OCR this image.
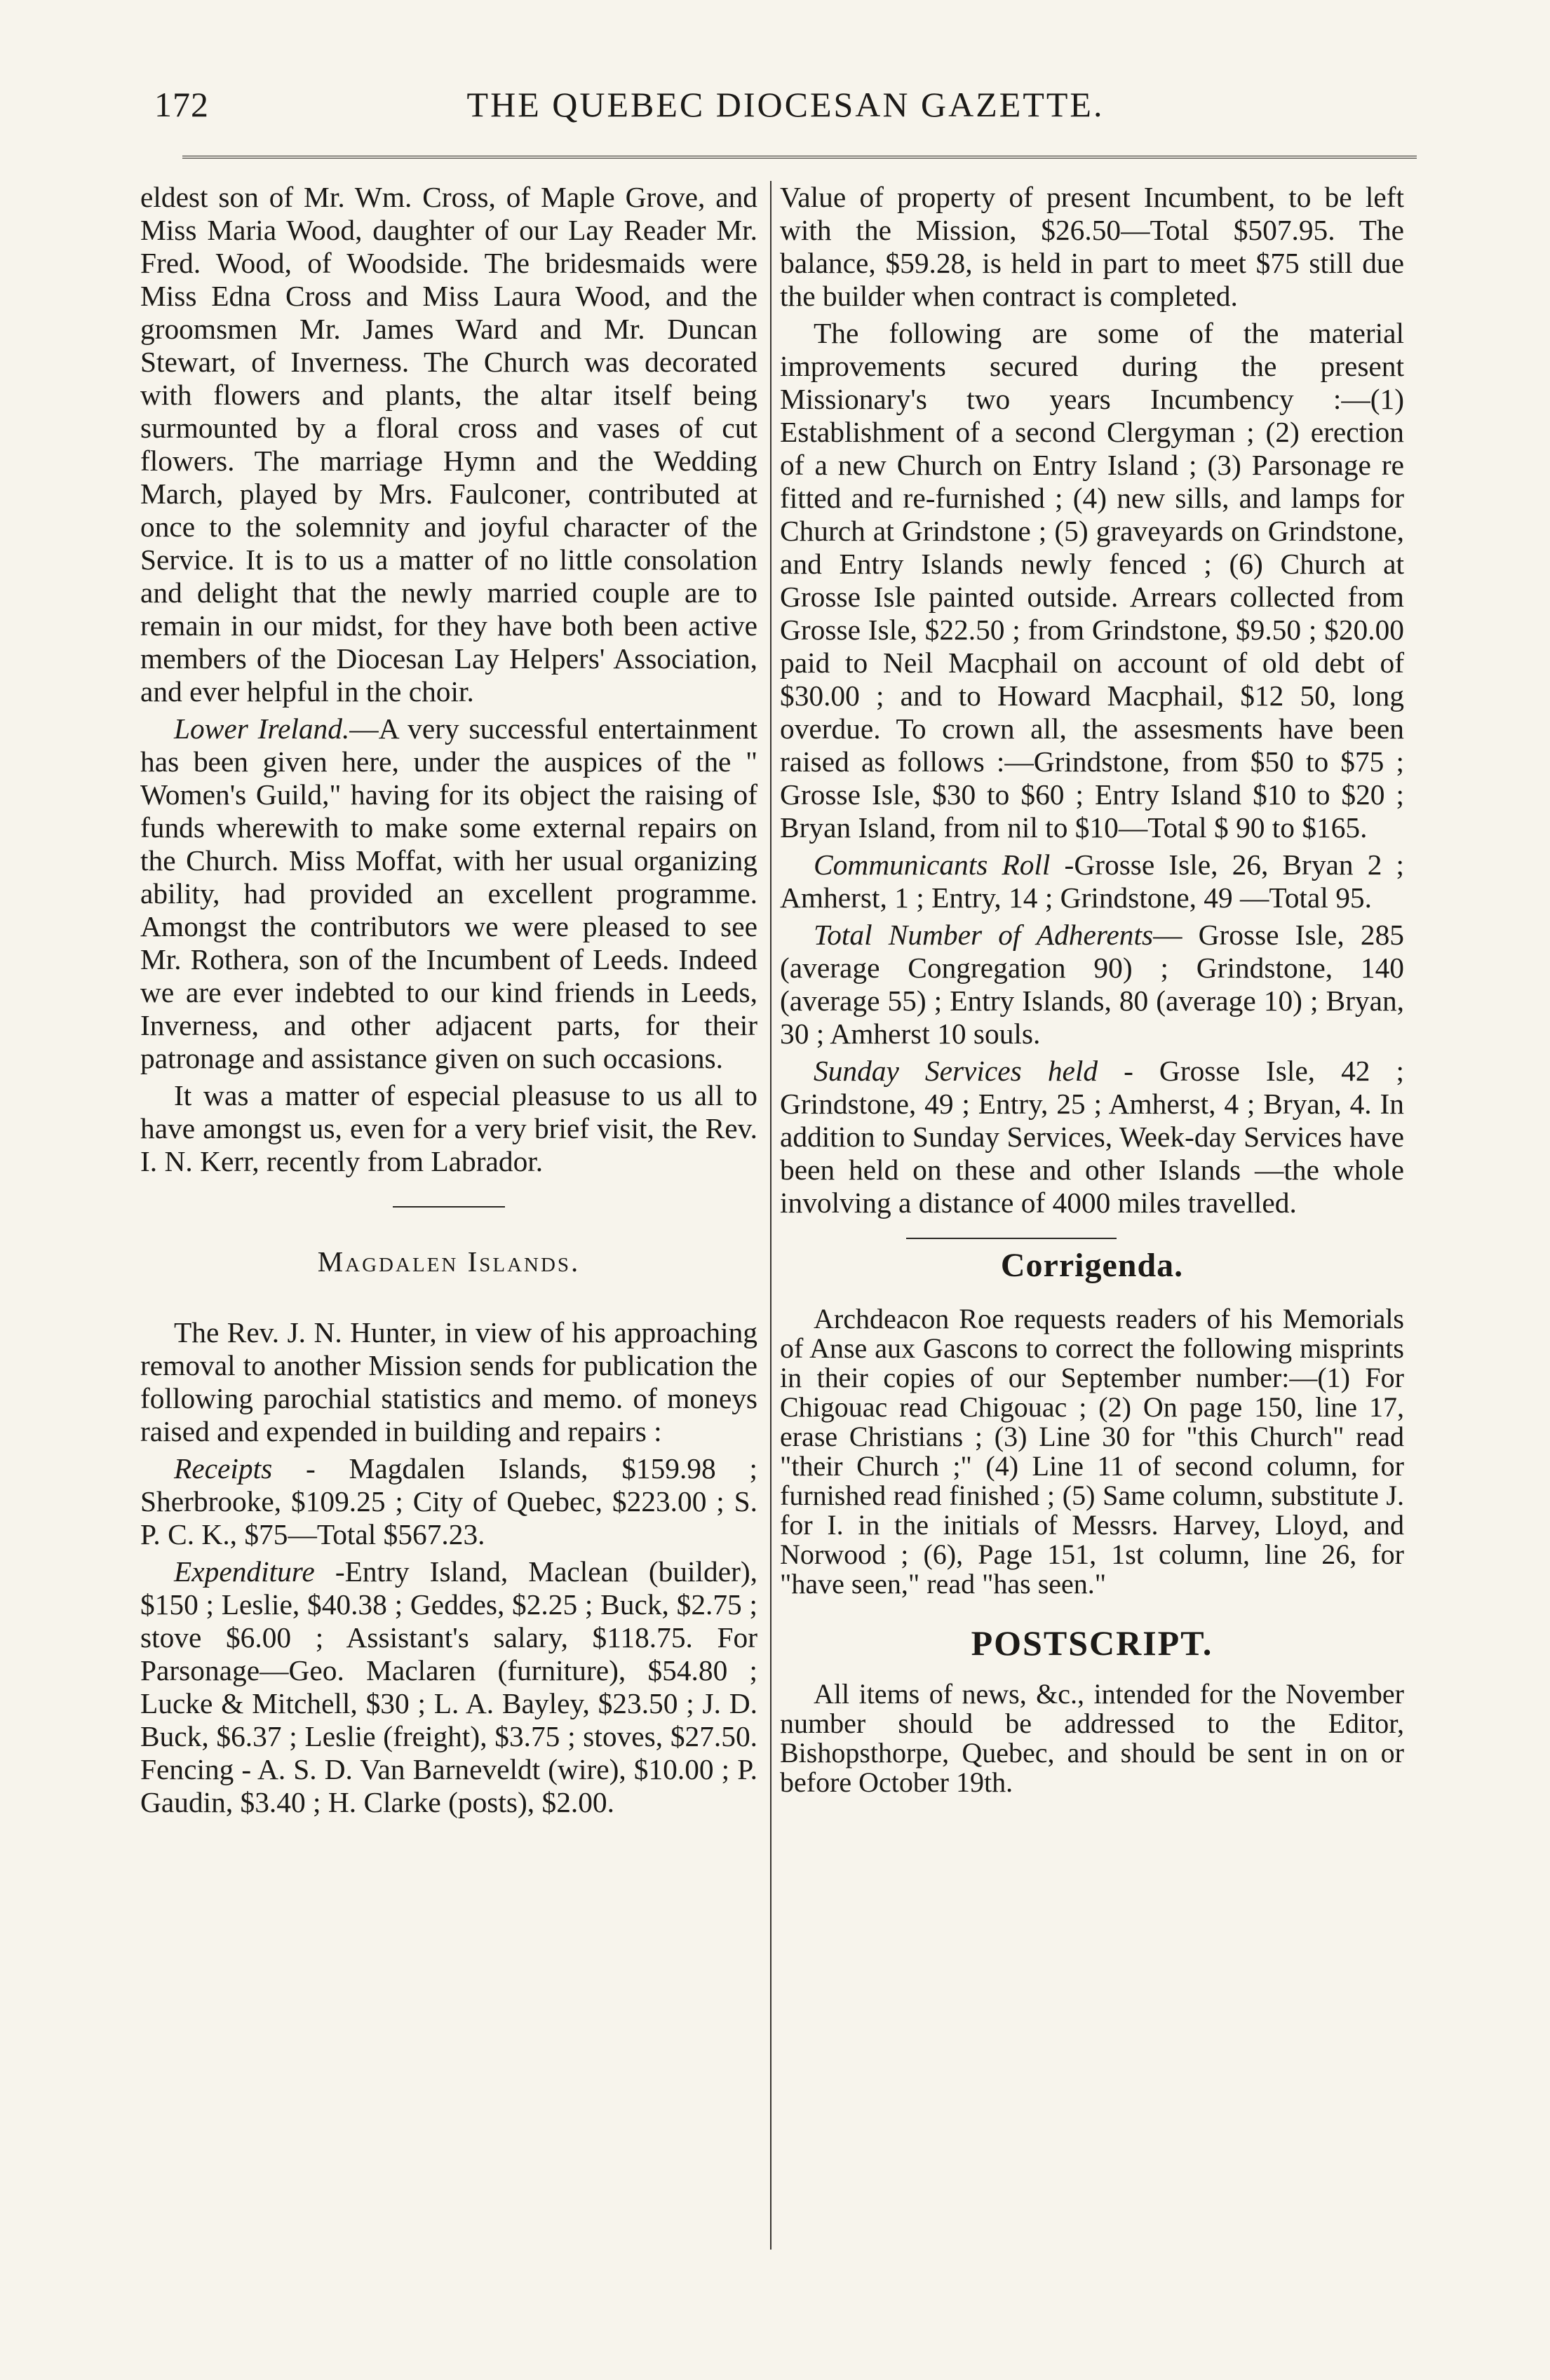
172	THE QUEBEC DIOCESAN GAZETTE.

eldest son of Mr. Wm. Cross, of Maple Grove, and Miss Maria Wood, daughter of our Lay Reader Mr. Fred. Wood, of Woodside. The bridesmaids were Miss Edna Cross and Miss Laura Wood, and the groomsmen Mr. James Ward and Mr. Duncan Stewart, of Inverness. The Church was decorated with flowers and plants, the altar itself being surmounted by a floral cross and vases of cut flowers. The marriage Hymn and the Wedding March, played by Mrs. Faulconer, contributed at once to the solemnity and joyful character of the Service. It is to us a matter of no little consolation and delight that the newly married couple are to remain in our midst, for they have both been active members of the Diocesan Lay Helpers' Association, and ever helpful in the choir.

Lower Ireland.—A very successful entertainment has been given here, under the auspices of the " Women's Guild," having for its object the raising of funds wherewith to make some external repairs on the Church. Miss Moffat, with her usual organizing ability, had provided an excellent programme. Amongst the contributors we were pleased to see Mr. Rothera, son of the Incumbent of Leeds. Indeed we are ever indebted to our kind friends in Leeds, Inverness, and other adjacent parts, for their patronage and assistance given on such occasions.

It was a matter of especial pleasuse to us all to have amongst us, even for a very brief visit, the Rev. I. N. Kerr, recently from Labrador.

Magdalen Islands.

The Rev. J. N. Hunter, in view of his approaching removal to another Mission sends for publication the following parochial statistics and memo. of moneys raised and expended in building and repairs :

Receipts - Magdalen Islands, $159.98 ; Sherbrooke, $109.25 ; City of Quebec, $223.00 ; S. P. C. K., $75—Total $567.23.

Expenditure -Entry Island, Maclean (builder), $150 ; Leslie, $40.38 ; Geddes, $2.25 ; Buck, $2.75 ; stove $6.00 ; Assistant's salary, $118.75. For Parsonage—Geo. Maclaren (furniture), $54.80 ; Lucke & Mitchell, $30 ; L. A. Bayley, $23.50 ; J. D. Buck, $6.37 ; Leslie (freight), $3.75 ; stoves, $27.50. Fencing - A. S. D. Van Barneveldt (wire), $10.00 ; P. Gaudin, $3.40 ; H. Clarke (posts), $2.00.

Value of property of present Incumbent, to be left with the Mission, $26.50—Total $507.95. The balance, $59.28, is held in part to meet $75 still due the builder when contract is completed.

The following are some of the material improvements secured during the present Missionary's two years Incumbency :—(1) Establishment of a second Clergyman ; (2) erection of a new Church on Entry Island ; (3) Parsonage re fitted and re-furnished ; (4) new sills, and lamps for Church at Grindstone ; (5) graveyards on Grindstone, and Entry Islands newly fenced ; (6) Church at Grosse Isle painted outside. Arrears collected from Grosse Isle, $22.50 ; from Grindstone, $9.50 ; $20.00 paid to Neil Macphail on account of old debt of $30.00 ; and to Howard Macphail, $12 50, long overdue. To crown all, the assesments have been raised as follows :—Grindstone, from $50 to $75 ; Grosse Isle, $30 to $60 ; Entry Island $10 to $20 ; Bryan Island, from nil to $10—Total $ 90 to $165.

Communicants Roll -Grosse Isle, 26, Bryan 2 ; Amherst, 1 ; Entry, 14 ; Grindstone, 49 —Total 95.

Total Number of Adherents— Grosse Isle, 285 (average Congregation 90) ; Grindstone, 140 (average 55) ; Entry Islands, 80 (average 10) ; Bryan, 30 ; Amherst 10 souls.

Sunday Services held - Grosse Isle, 42 ; Grindstone, 49 ; Entry, 25 ; Amherst, 4 ; Bryan, 4. In addition to Sunday Services, Week-day Services have been held on these and other Islands —the whole involving a distance of 4000 miles travelled.

Corrigenda.

Archdeacon Roe requests readers of his Memorials of Anse aux Gascons to correct the following misprints in their copies of our September number:—(1) For Chigouac read Chigouac ; (2) On page 150, line 17, erase Christians ; (3) Line 30 for "this Church" read "their Church ;" (4) Line 11 of second column, for furnished read finished ; (5) Same column, substitute J. for I. in the initials of Messrs. Harvey, Lloyd, and Norwood ; (6), Page 151, 1st column, line 26, for "have seen," read "has seen."

POSTSCRIPT.

All items of news, &c., intended for the November number should be addressed to the Editor, Bishopsthorpe, Quebec, and should be sent in on or before October 19th.
